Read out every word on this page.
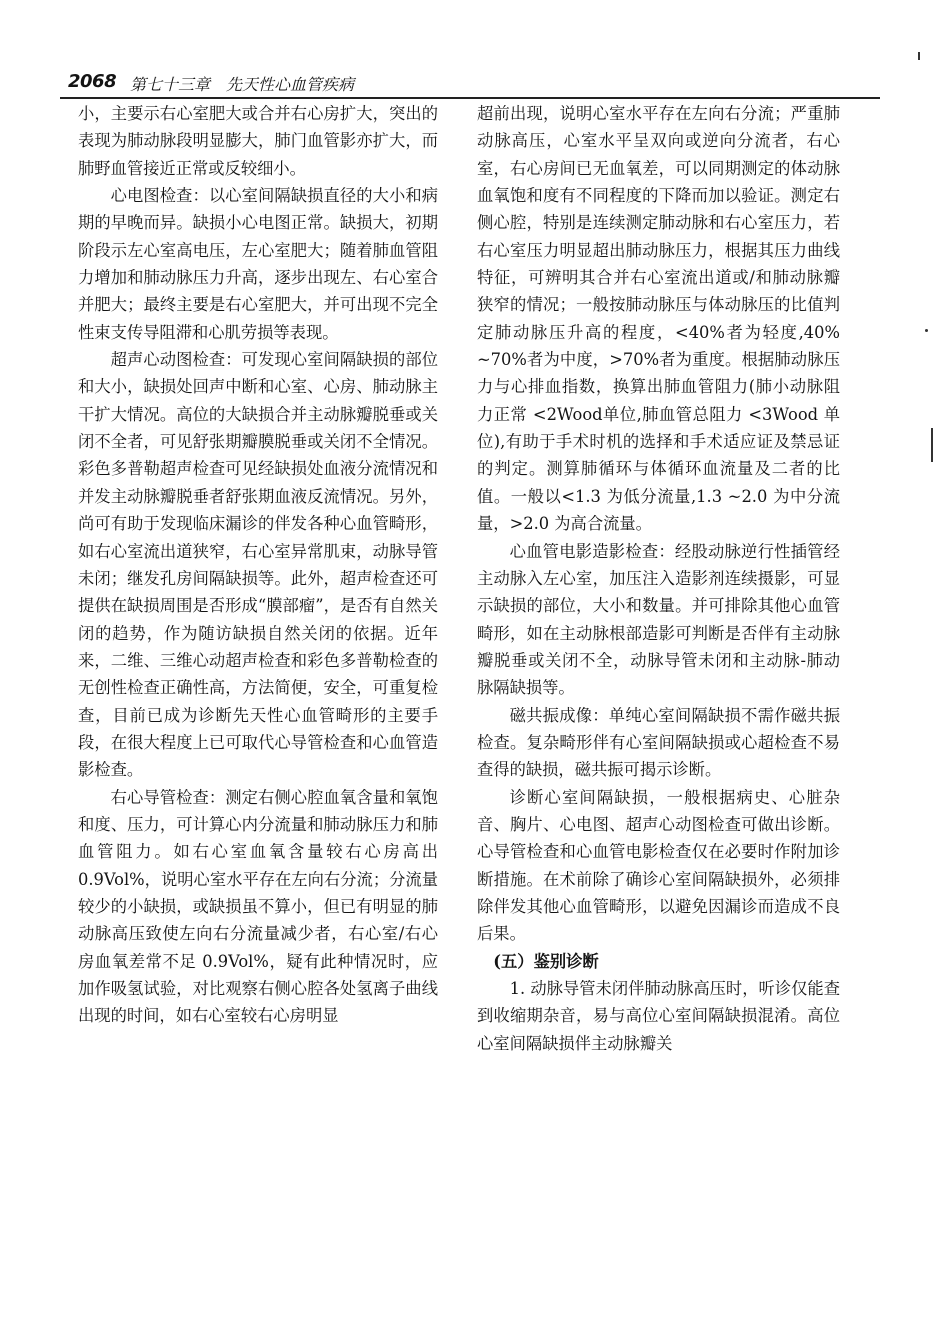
2068 第七十三章　先天性心血管疾病

小，主要示右心室肥大或合并右心房扩大，突出的表现为肺动脉段明显膨大，肺门血管影亦扩大，而肺野血管接近正常或反较细小。

心电图检查：以心室间隔缺损直径的大小和病期的早晚而异。缺损小心电图正常。缺损大，初期阶段示左心室高电压，左心室肥大；随着肺血管阻力增加和肺动脉压力升高，逐步出现左、右心室合并肥大；最终主要是右心室肥大，并可出现不完全性束支传导阻滞和心肌劳损等表现。

超声心动图检查：可发现心室间隔缺损的部位和大小，缺损处回声中断和心室、心房、肺动脉主干扩大情况。高位的大缺损合并主动脉瓣脱垂或关闭不全者，可见舒张期瓣膜脱垂或关闭不全情况。彩色多普勒超声检查可见经缺损处血液分流情况和并发主动脉瓣脱垂者舒张期血液反流情况。另外，尚可有助于发现临床漏诊的伴发各种心血管畸形，如右心室流出道狭窄，右心室异常肌束，动脉导管未闭；继发孔房间隔缺损等。此外，超声检查还可提供在缺损周围是否形成“膜部瘤”，是否有自然关闭的趋势，作为随访缺损自然关闭的依据。近年来，二维、三维心动超声检查和彩色多普勒检查的无创性检查正确性高，方法简便，安全，可重复检查，目前已成为诊断先天性心血管畸形的主要手段，在很大程度上已可取代心导管检查和心血管造影检查。

右心导管检查：测定右侧心腔血氧含量和氧饱和度、压力，可计算心内分流量和肺动脉压力和肺血管阻力。如右心室血氧含量较右心房高出 0.9Vol%，说明心室水平存在左向右分流；分流量较少的小缺损，或缺损虽不算小，但已有明显的肺动脉高压致使左向右分流量减少者，右心室/右心房血氧差常不足 0.9Vol%，疑有此种情况时，应加作吸氢试验，对比观察右侧心腔各处氢离子曲线出现的时间，如右心室较右心房明显

超前出现，说明心室水平存在左向右分流；严重肺动脉高压，心室水平呈双向或逆向分流者，右心室，右心房间已无血氧差，可以同期测定的体动脉血氧饱和度有不同程度的下降而加以验证。测定右侧心腔，特别是连续测定肺动脉和右心室压力，若右心室压力明显超出肺动脉压力，根据其压力曲线特征，可辨明其合并右心室流出道或/和肺动脉瓣狭窄的情况；一般按肺动脉压与体动脉压的比值判定肺动脉压升高的程度，<40%者为轻度,40% ~70%者为中度，>70%者为重度。根据肺动脉压力与心排血指数，换算出肺血管阻力(肺小动脉阻力正常 <2Wood单位,肺血管总阻力 <3Wood 单位),有助于手术时机的选择和手术适应证及禁忌证的判定。测算肺循环与体循环血流量及二者的比值。一般以<1.3 为低分流量,1.3 ~2.0 为中分流量，>2.0 为高合流量。

心血管电影造影检查：经股动脉逆行性插管经主动脉入左心室，加压注入造影剂连续摄影，可显示缺损的部位，大小和数量。并可排除其他心血管畸形，如在主动脉根部造影可判断是否伴有主动脉瓣脱垂或关闭不全，动脉导管未闭和主动脉-肺动脉隔缺损等。

磁共振成像：单纯心室间隔缺损不需作磁共振检查。复杂畸形伴有心室间隔缺损或心超检查不易查得的缺损，磁共振可揭示诊断。

诊断心室间隔缺损，一般根据病史、心脏杂音、胸片、心电图、超声心动图检查可做出诊断。心导管检查和心血管电影检查仅在必要时作附加诊断措施。在术前除了确诊心室间隔缺损外，必须排除伴发其他心血管畸形，以避免因漏诊而造成不良后果。

(五）鉴别诊断

1. 动脉导管未闭伴肺动脉高压时，听诊仅能查到收缩期杂音，易与高位心室间隔缺损混淆。高位心室间隔缺损伴主动脉瓣关
